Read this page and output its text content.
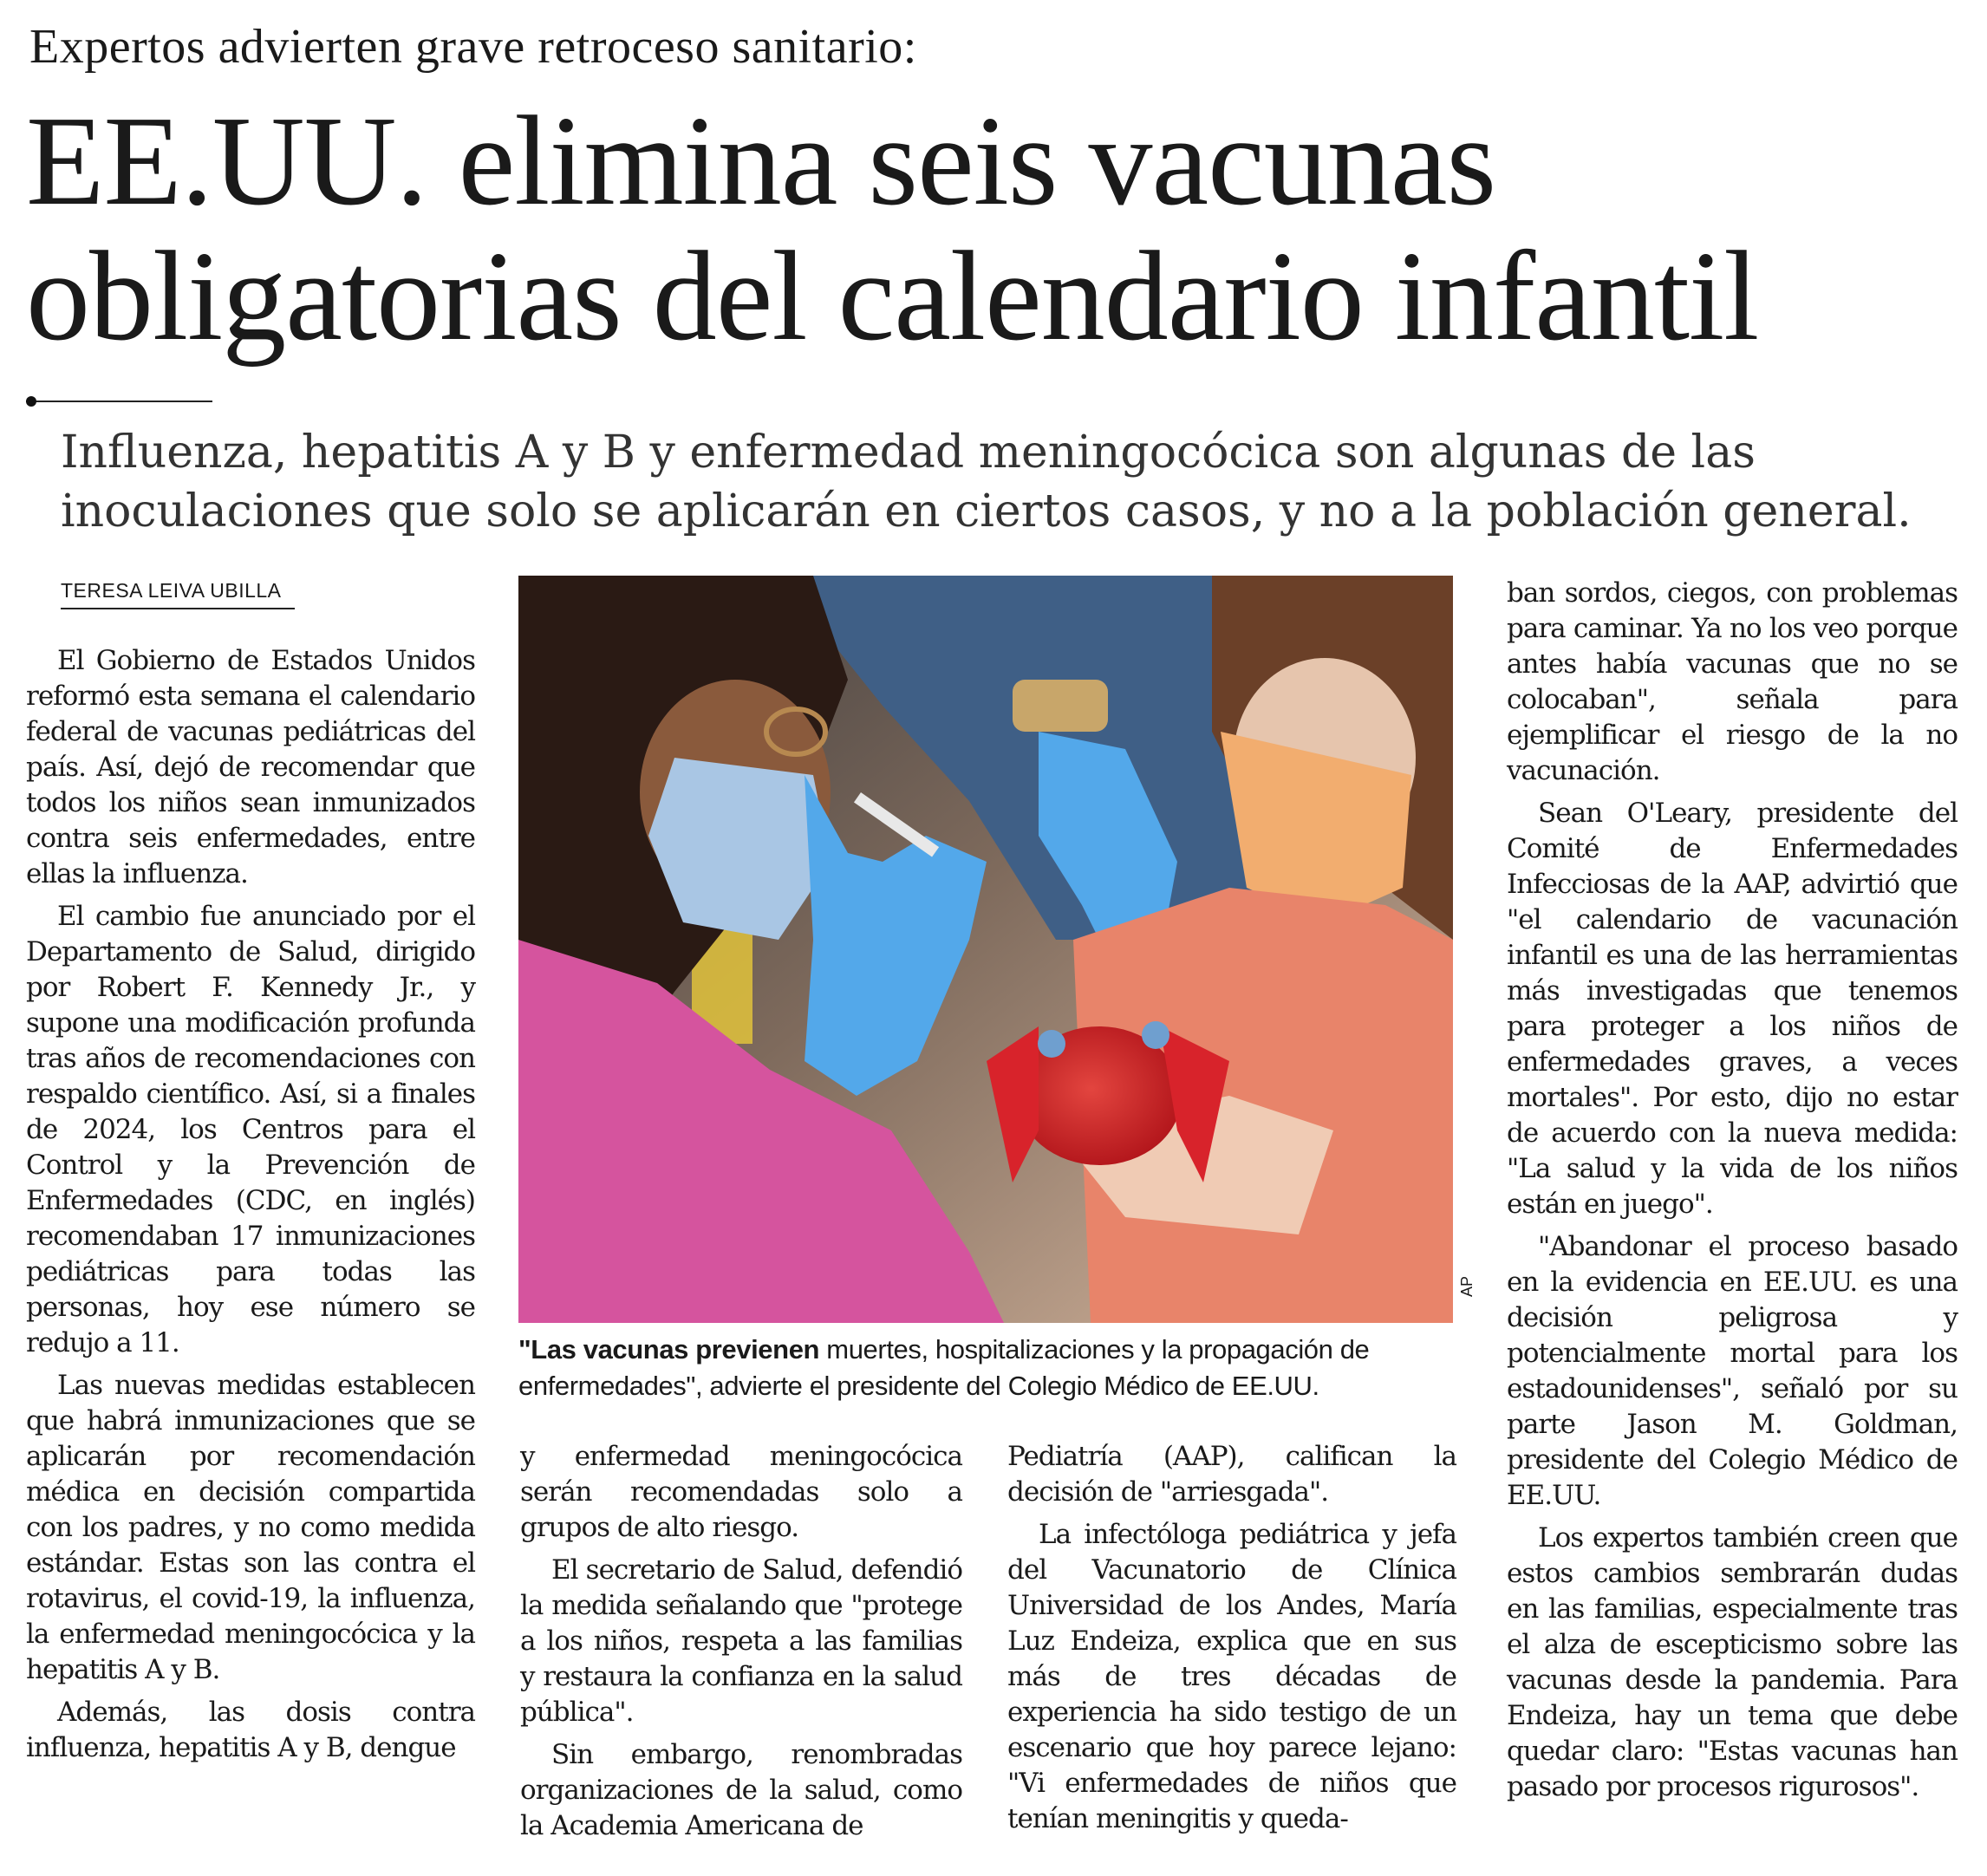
Expertos advierten grave retroceso sanitario:
EE.UU. elimina seis vacunas
obligatorias del calendario infantil
Influenza, hepatitis A y B y enfermedad meningocócica son algunas de las
inoculaciones que solo se aplicarán en ciertos casos, y no a la población general.
TERESA LEIVA UBILLA

El Gobierno de Estados Unidos reformó esta semana el calendario federal de vacunas pediátricas del país. Así, dejó de recomendar que todos los niños sean inmunizados contra seis enfermedades, entre ellas la influenza.

El cambio fue anunciado por el Departamento de Salud, dirigido por Robert F. Kennedy Jr., y supone una modificación profunda tras años de recomendaciones con respaldo científico. Así, si a finales de 2024, los Centros para el Control y la Prevención de Enfermedades (CDC, en inglés) recomendaban 17 inmunizaciones pediátricas para todas las personas, hoy ese número se redujo a 11.

Las nuevas medidas establecen que habrá inmunizaciones que se aplicarán por recomendación médica en decisión compartida con los padres, y no como medida estándar. Estas son las contra el rotavirus, el covid-19, la influenza, la enfermedad meningocócica y la hepatitis A y B.

Además, las dosis contra influenza, hepatitis A y B, dengue

AP
"Las vacunas previenen muertes, hospitalizaciones y la propagación de enfermedades", advierte el presidente del Colegio Médico de EE.UU.

y enfermedad meningocócica serán recomendadas solo a grupos de alto riesgo.

El secretario de Salud, defendió la medida señalando que "protege a los niños, respeta a las familias y restaura la confianza en la salud pública".

Sin embargo, renombradas organizaciones de la salud, como la Academia Americana de

Pediatría (AAP), califican la decisión de "arriesgada".

La infectóloga pediátrica y jefa del Vacunatorio de Clínica Universidad de los Andes, María Luz Endeiza, explica que en sus más de tres décadas de experiencia ha sido testigo de un escenario que hoy parece lejano: "Vi enfermedades de niños que tenían meningitis y queda-

ban sordos, ciegos, con problemas para caminar. Ya no los veo porque antes había vacunas que no se colocaban", señala para ejemplificar el riesgo de la no vacunación.

Sean O'Leary, presidente del Comité de Enfermedades Infecciosas de la AAP, advirtió que "el calendario de vacunación infantil es una de las herramientas más investigadas que tenemos para proteger a los niños de enfermedades graves, a veces mortales". Por esto, dijo no estar de acuerdo con la nueva medida: "La salud y la vida de los niños están en juego".

"Abandonar el proceso basado en la evidencia en EE.UU. es una decisión peligrosa y potencialmente mortal para los estadounidenses", señaló por su parte Jason M. Goldman, presidente del Colegio Médico de EE.UU.

Los expertos también creen que estos cambios sembrarán dudas en las familias, especialmente tras el alza de escepticismo sobre las vacunas desde la pandemia. Para Endeiza, hay un tema que debe quedar claro: "Estas vacunas han pasado por procesos rigurosos".
